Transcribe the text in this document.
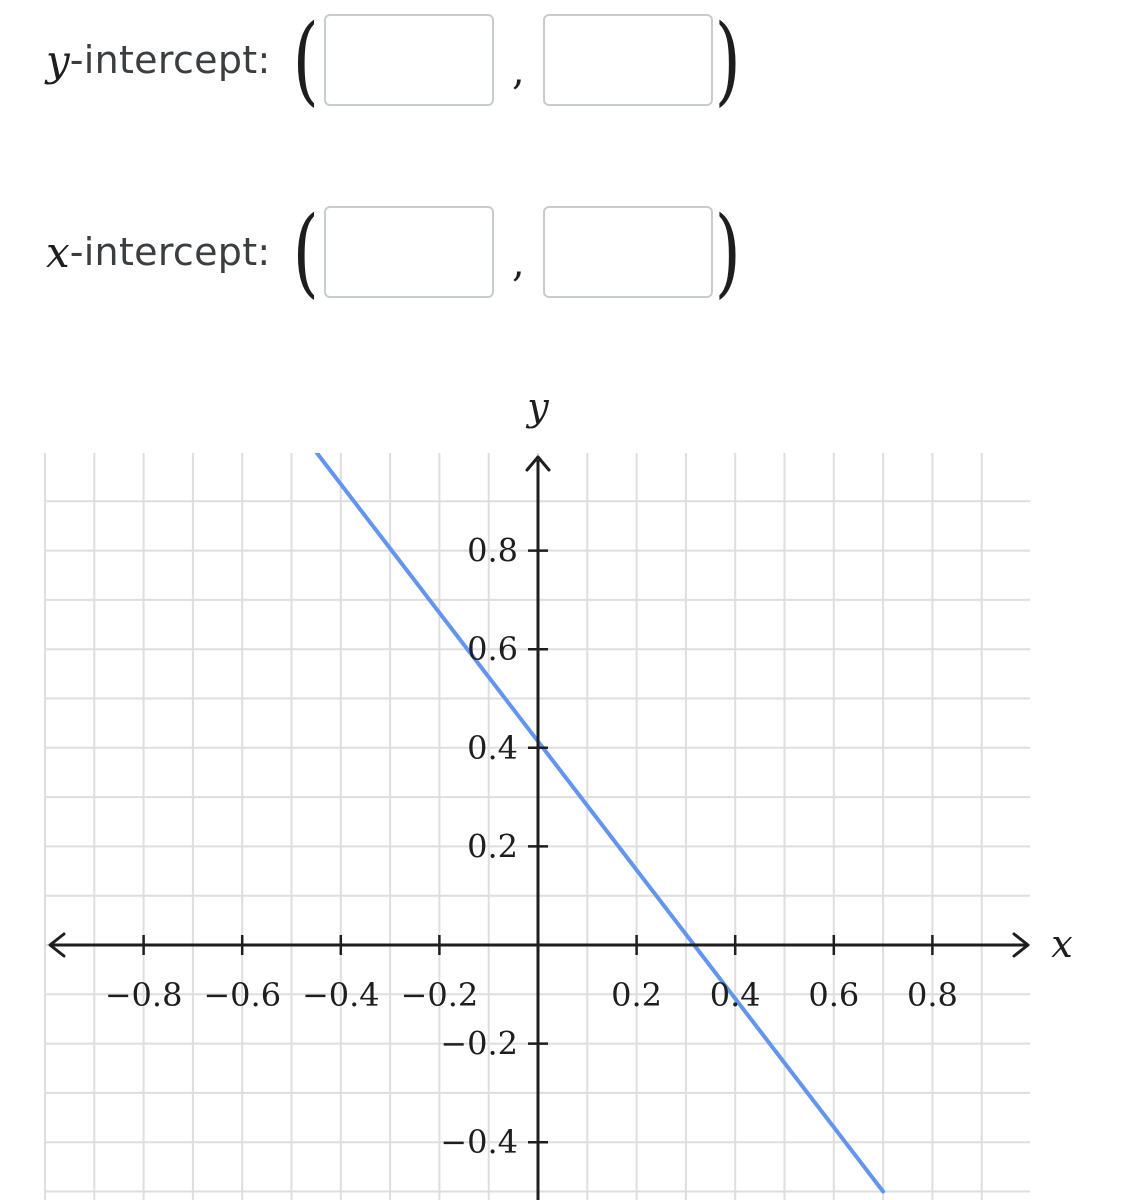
y -intercept: (	, )
x -intercept: (	, )
−0.8 −0.6 −0.4 −0.2	0.2 0.4 0.6 0.8
0.8
0.6
0.4
0.2
−0.2
−0.4
x
y
